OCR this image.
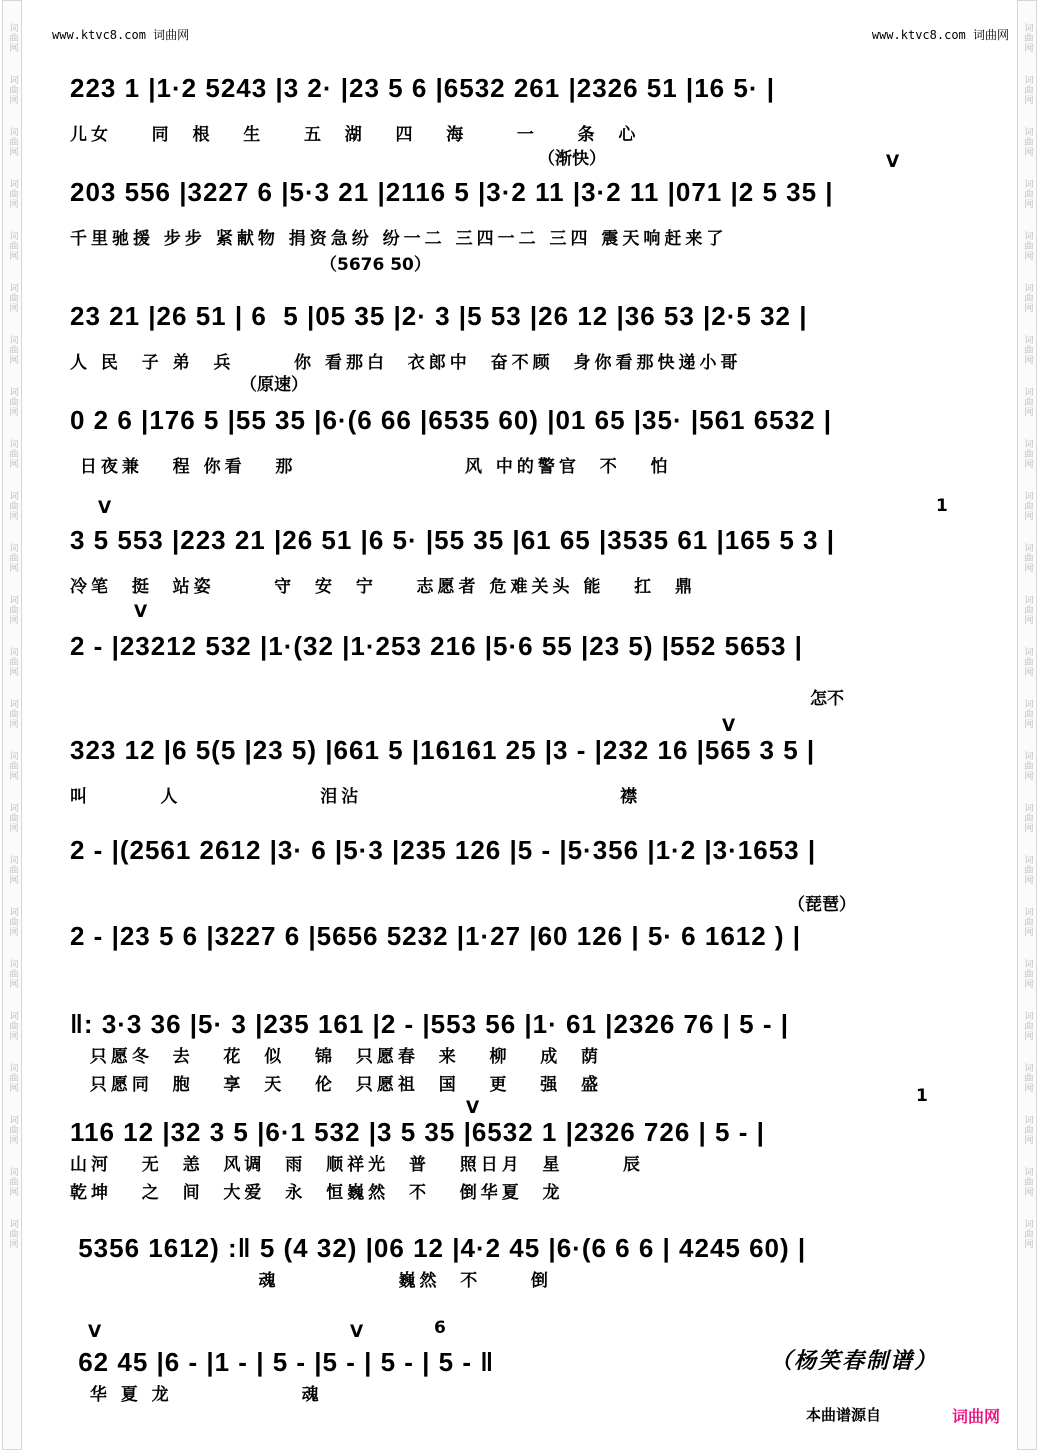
词曲网
词曲网
词曲网
词曲网
词曲网
词曲网
词曲网
词曲网
词曲网
词曲网
词曲网
词曲网
词曲网
词曲网
词曲网
词曲网
词曲网
词曲网
词曲网
词曲网
词曲网
词曲网
词曲网
词曲网
词曲网
词曲网
词曲网
词曲网
词曲网
词曲网
词曲网
词曲网
词曲网
词曲网
词曲网
词曲网
词曲网
词曲网
词曲网
词曲网
词曲网
词曲网
词曲网
词曲网
词曲网
词曲网
词曲网
词曲网
www.ktvc8.com 词曲网	www.ktvc8.com 词曲网
223 1 |1·2 5243 |3 2· |23 5 6 |6532 261 |2326 51 |16 5· |
儿女    同  根   生    五  湖   四   海     一    条  心
（渐快）	V
203 556 |3227 6 |5·3 21 |2116 5 |3·2 11 |3·2 11 |071 |2 5 35 |
千里驰援 步步 紧献物 捐资急纷 纷一二 三四一二 三四 震天响赶来了
（5676 50）
23 21 |26 51 | 6  5 |05 35 |2· 3 |5 53 |26 12 |36 53 |2·5 32 |
人 民  子 弟  兵      你 看那白  衣郎中  奋不顾  身你看那快递小哥
（原速）
0 2 6 |176 5 |55 35 |6·(6 66 |6535 60) |01 65 |35· |561 6532 |
日夜兼   程 你看   那                 风 中的警官  不   怕
V	1
3 5 553 |223 21 |26 51 |6 5· |55 35 |61 65 |3535 61 |165 5 3 |
冷笔  挺  站姿      守  安  宁    志愿者 危难关头 能   扛  鼎
V
2 - |23212 532 |1·(32 |1·253 216 |5·6 55 |23 5) |552 5653 |
怎不
V
323 12 |6 5(5 |23 5) |661 5 |16161 25 |3 - |232 16 |565 3 5 |
叫       人              泪沾                          襟
2 - |(2561 2612 |3· 6 |5·3 |235 126 |5 - |5·356 |1·2 |3·1653 |
（琵琶）
2 - |23 5 6 |3227 6 |5656 5232 |1·27 |60 126 | 5· 6 1612 ) |
‖: 3·3 36 |5· 3 |235 161 |2 - |553 56 |1· 61 |2326 76 | 5 - |
只愿冬  去   花  似   锦  只愿春  来   柳   成  荫
只愿同  胞   享  天   伦  只愿祖  国   更   强  盛
V
1
116 12 |32 3 5 |6·1 532 |3 5 35 |6532 1 |2326 726 | 5 - |
山河   无  恙  风调  雨  顺祥光  普   照日月  星      辰
乾坤   之  间  大爱  永  恒巍然  不   倒华夏  龙
5356 1612) :‖ 5 (4 32) |06 12 |4·2 45 |6·(6 6 6 | 4245 60) |
魂            巍然  不     倒
V	V	6
62 45 |6 - |1 - | 5 - |5 - | 5 - | 5 - ‖
华 夏 龙             魂
（杨笑春制谱）
本曲谱源自	词曲网
